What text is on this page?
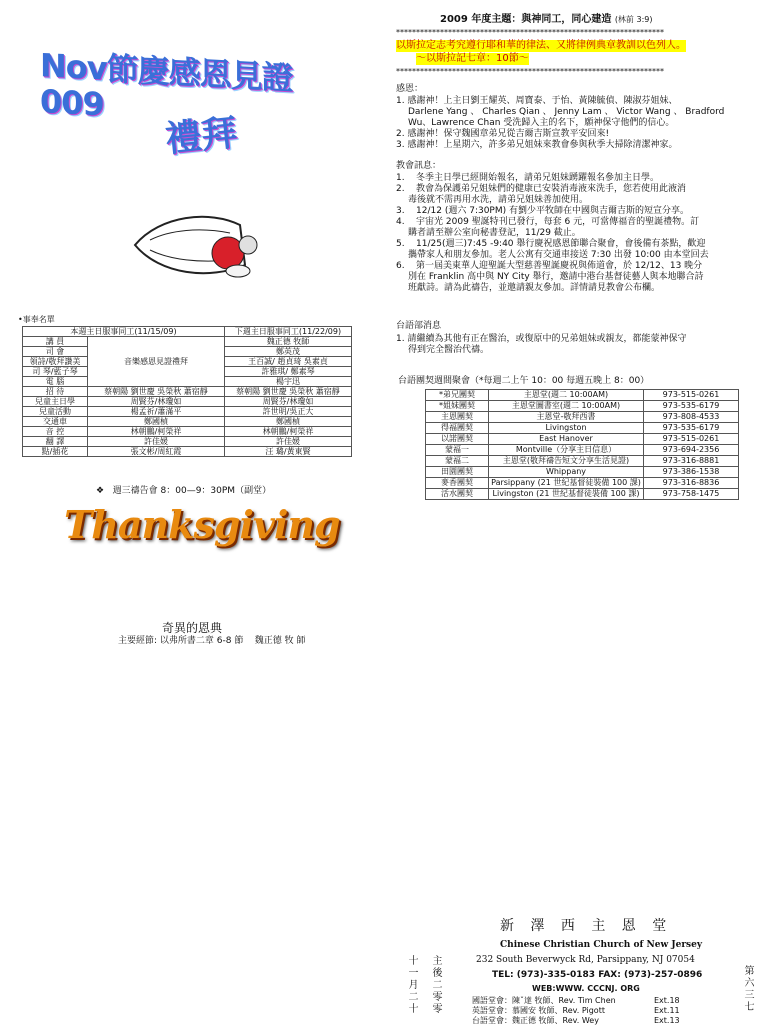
Nov節慶感恩見證009
禮拜
2009 年度主題：與神同工，同心建造 (林前 3:9)
*******************************************************************
以斯拉定志考究遵行耶和華的律法、又將律例典章教訓以色列人。
～以斯拉記七章：10節～
*******************************************************************
感恩：
1. 感謝神！上主日劉王耀英、周寶泰、于怡、黃陳毓偵、陳淑芬姐妹、
Darlene Yang 、 Charles Qian 、 Jenny Lam 、 Victor Wang 、 Bradford
Wu、Lawrence Chan 受洗歸入主的名下，願神保守他們的信心。
2. 感謝神！保守魏國章弟兄從吉爾吉斯宣教平安回來!
3. 感謝神！上星期六，許多弟兄姐妹來教會參與秋季大掃除清潔神家。
教會訊息：
1. 冬季主日學已經開始報名，請弟兄姐妹踴躍報名參加主日學。
2. 教會為保護弟兄姐妹們的健康已安裝消毒液來洗手，您若使用此液消
毒後就不需再用水洗，請弟兄姐妹善加使用。
3. 12/12 (週六 7:30PM) 有劉少平牧師在中國與吉爾吉斯的短宣分享。
4. 宇宙光 2009 聖誕特刊已發行，每套 6 元，可當傳福音的聖誕禮物。訂
購者請至辦公室向秘書登記，11/29 截止。
5. 11/25(週三)7:45 -9:40 舉行慶祝感恩節聯合聚會，會後備有茶點，歡迎
攜帶家人和朋友參加。老人公寓有交通車接送 7:30 出發 10:00 由本堂回去
6. 第一屆美東華人迎聖誕大型慈善聖誕慶祝與佈道會，於 12/12、13 晚分
別在 Franklin 高中與 NY City 舉行，邀請中港台基督徒藝人與本地聯合詩
班獻詩。請為此禱告，並邀請親友參加。詳情請見教會公布欄。
台語部消息
1. 請繼續為其他有正在醫治，或復原中的兄弟姐妹或親友，都能蒙神保守
得到完全醫治代禱。
台語團契週間聚會（*每週二上午 10：00 每週五晚上 8：00）
*弟兄團契	主恩堂(週二 10:00AM)	973-515-0261
*姐妹團契	主恩堂圖書室(週二 10:00AM)	973-535-6179
主恩團契	主恩堂-敬拜西書	973-808-4533
得福團契	Livingston	973-535-6179
以諾團契	East Hanover	973-515-0261
蒙福一	Montville（分享主日信息）	973-694-2356
蒙福二	主恩堂(敬拜禱告短文分享生活見證)	973-316-8881
田園團契	Whippany	973-386-1538
麥香團契	Parsippany (21 世紀基督徒裝備 100 課)	973-316-8836
活水團契	Livingston (21 世紀基督徒裝備 100 課)	973-758-1475
•事奉名單
本週主日服事同工(11/15/09)		下週主日服事同工(11/22/09)
講 員	音樂感恩見證禮拜	魏正德 牧師
司 會		鄭英茂
領詩/敬拜讚美		王百誠/ 趙貞琦 吳素貞
司 琴/藍子琴		許雅琪/ 鄭素琴
電 腦		楊宇迅
招 待	蔡朝陽 劉世慶 吳榮秋 蕭宿靜	蔡朝陽 劉世慶 吳榮秋 蕭宿靜
兒童主日學	周賢芬/林瓊如	周賢芬/林瓊如
兒童活動	楊孟祈/蕭滿平	許世明/吳正大
交通車	鄭國楨	鄭國楨
音 控	林朝鵬/柯榮祥	林朝鵬/柯榮祥
翻 譯	許佳媛	許佳媛
點/插花	張文彬/周紅霞	汪 璐/黃東賢
❖   週三禱告會 8：00—9：30PM（副堂）
Thanksgiving
奇異的恩典
主要經節: 以弗所書二章 6-8 節 魏正德 牧 師
新 澤 西 主 恩 堂
Chinese Christian Church of New Jersey
232 South Beverwyck Rd, Parsippany, NJ 07054
TEL: (973)-335-0183 FAX: (973)-257-0896
WEB:WWW. CCCNJ. ORG
國語堂會：陳ˇ達 牧師、Rev. Tim Chen	Ext.18
英語堂會：慕國安 牧師、Rev. Pigott	Ext.11
台語堂會：魏正德 牧師、Rev. Wey	Ext.13
十一月二十 主後二零零	第六三七
